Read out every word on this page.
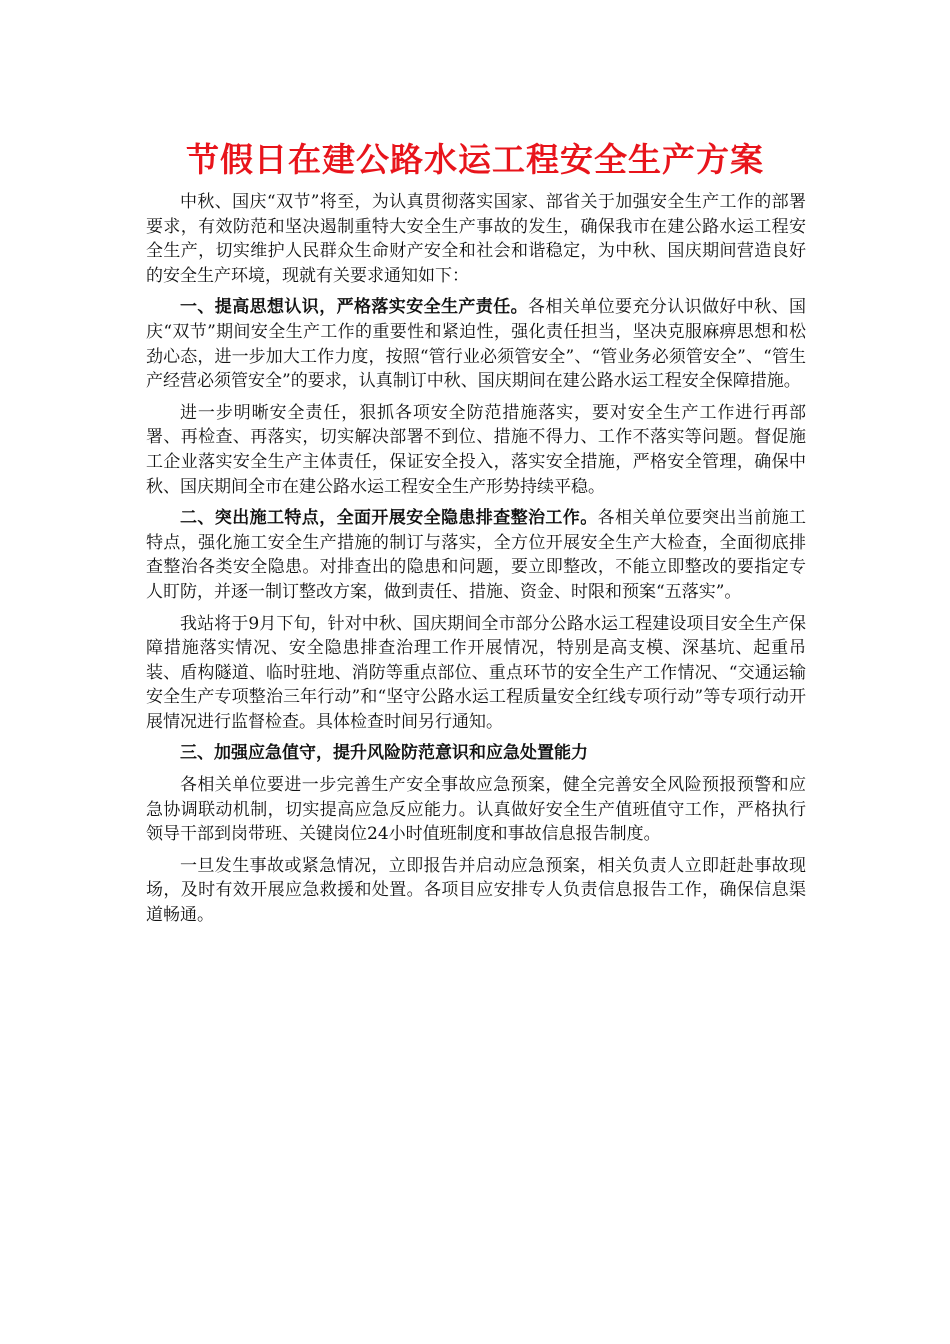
节假日在建公路水运工程安全生产方案

中秋、国庆“双节”将至，为认真贯彻落实国家、部省关于加强安全生产工作的部署要求，有效防范和坚决遏制重特大安全生产事故的发生，确保我市在建公路水运工程安全生产，切实维护人民群众生命财产安全和社会和谐稳定，为中秋、国庆期间营造良好的安全生产环境，现就有关要求通知如下：

一、提高思想认识，严格落实安全生产责任。各相关单位要充分认识做好中秋、国庆“双节”期间安全生产工作的重要性和紧迫性，强化责任担当，坚决克服麻痹思想和松劲心态，进一步加大工作力度，按照“管行业必须管安全”、“管业务必须管安全”、“管生产经营必须管安全”的要求，认真制订中秋、国庆期间在建公路水运工程安全保障措施。

进一步明晰安全责任，狠抓各项安全防范措施落实，要对安全生产工作进行再部署、再检查、再落实，切实解决部署不到位、措施不得力、工作不落实等问题。督促施工企业落实安全生产主体责任，保证安全投入，落实安全措施，严格安全管理，确保中秋、国庆期间全市在建公路水运工程安全生产形势持续平稳。

二、突出施工特点，全面开展安全隐患排查整治工作。各相关单位要突出当前施工特点，强化施工安全生产措施的制订与落实，全方位开展安全生产大检查，全面彻底排查整治各类安全隐患。对排查出的隐患和问题，要立即整改，不能立即整改的要指定专人盯防，并逐一制订整改方案，做到责任、措施、资金、时限和预案“五落实”。

我站将于9月下旬，针对中秋、国庆期间全市部分公路水运工程建设项目安全生产保障措施落实情况、安全隐患排查治理工作开展情况，特别是高支模、深基坑、起重吊装、盾构隧道、临时驻地、消防等重点部位、重点环节的安全生产工作情况、“交通运输安全生产专项整治三年行动”和“坚守公路水运工程质量安全红线专项行动”等专项行动开展情况进行监督检查。具体检查时间另行通知。

三、加强应急值守，提升风险防范意识和应急处置能力

各相关单位要进一步完善生产安全事故应急预案，健全完善安全风险预报预警和应急协调联动机制，切实提高应急反应能力。认真做好安全生产值班值守工作，严格执行领导干部到岗带班、关键岗位24小时值班制度和事故信息报告制度。

一旦发生事故或紧急情况，立即报告并启动应急预案，相关负责人立即赶赴事故现场，及时有效开展应急救援和处置。各项目应安排专人负责信息报告工作，确保信息渠道畅通。
